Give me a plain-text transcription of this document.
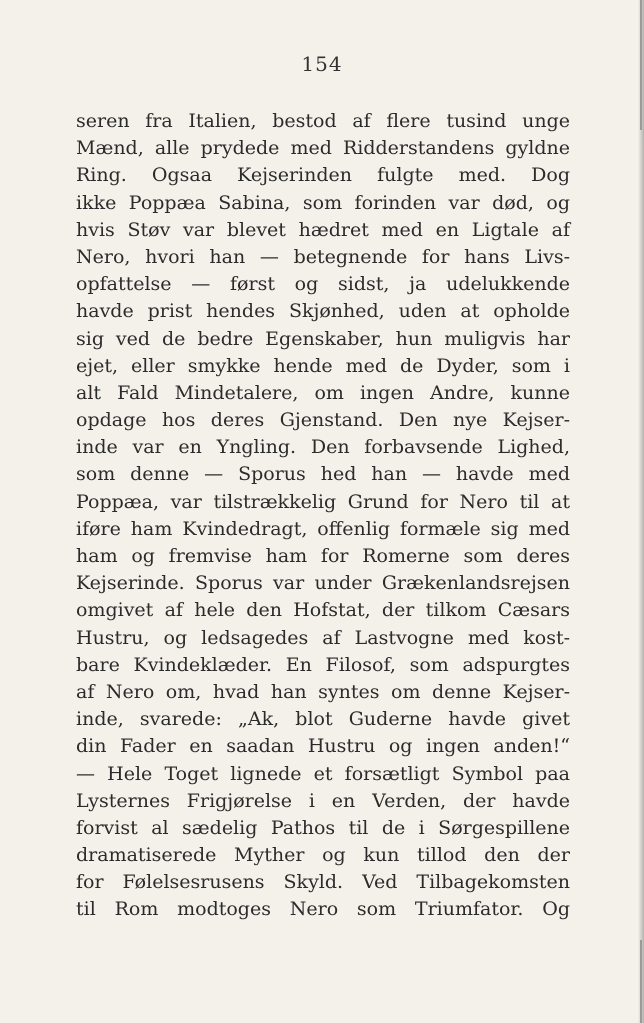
154
seren fra Italien, bestod af flere tusind unge
Mænd, alle prydede med Ridderstandens gyldne
Ring. Ogsaa Kejserinden fulgte med. Dog
ikke Poppæa Sabina, som forinden var død, og
hvis Støv var blevet hædret med en Ligtale af
Nero, hvori han — betegnende for hans Livs-
opfattelse — først og sidst, ja udelukkende
havde prist hendes Skjønhed, uden at opholde
sig ved de bedre Egenskaber, hun muligvis har
ejet, eller smykke hende med de Dyder, som i
alt Fald Mindetalere, om ingen Andre, kunne
opdage hos deres Gjenstand. Den nye Kejser-
inde var en Yngling. Den forbavsende Lighed,
som denne — Sporus hed han — havde med
Poppæa, var tilstrækkelig Grund for Nero til at
iføre ham Kvindedragt, offenlig formæle sig med
ham og fremvise ham for Romerne som deres
Kejserinde. Sporus var under Grækenlandsrejsen
omgivet af hele den Hofstat, der tilkom Cæsars
Hustru, og ledsagedes af Lastvogne med kost-
bare Kvindeklæder. En Filosof, som adspurgtes
af Nero om, hvad han syntes om denne Kejser-
inde, svarede: „Ak, blot Guderne havde givet
din Fader en saadan Hustru og ingen anden!“
— Hele Toget lignede et forsætligt Symbol paa
Lysternes Frigjørelse i en Verden, der havde
forvist al sædelig Pathos til de i Sørgespillene
dramatiserede Myther og kun tillod den der
for Følelsesrusens Skyld. Ved Tilbagekomsten
til Rom modtoges Nero som Triumfator. Og
